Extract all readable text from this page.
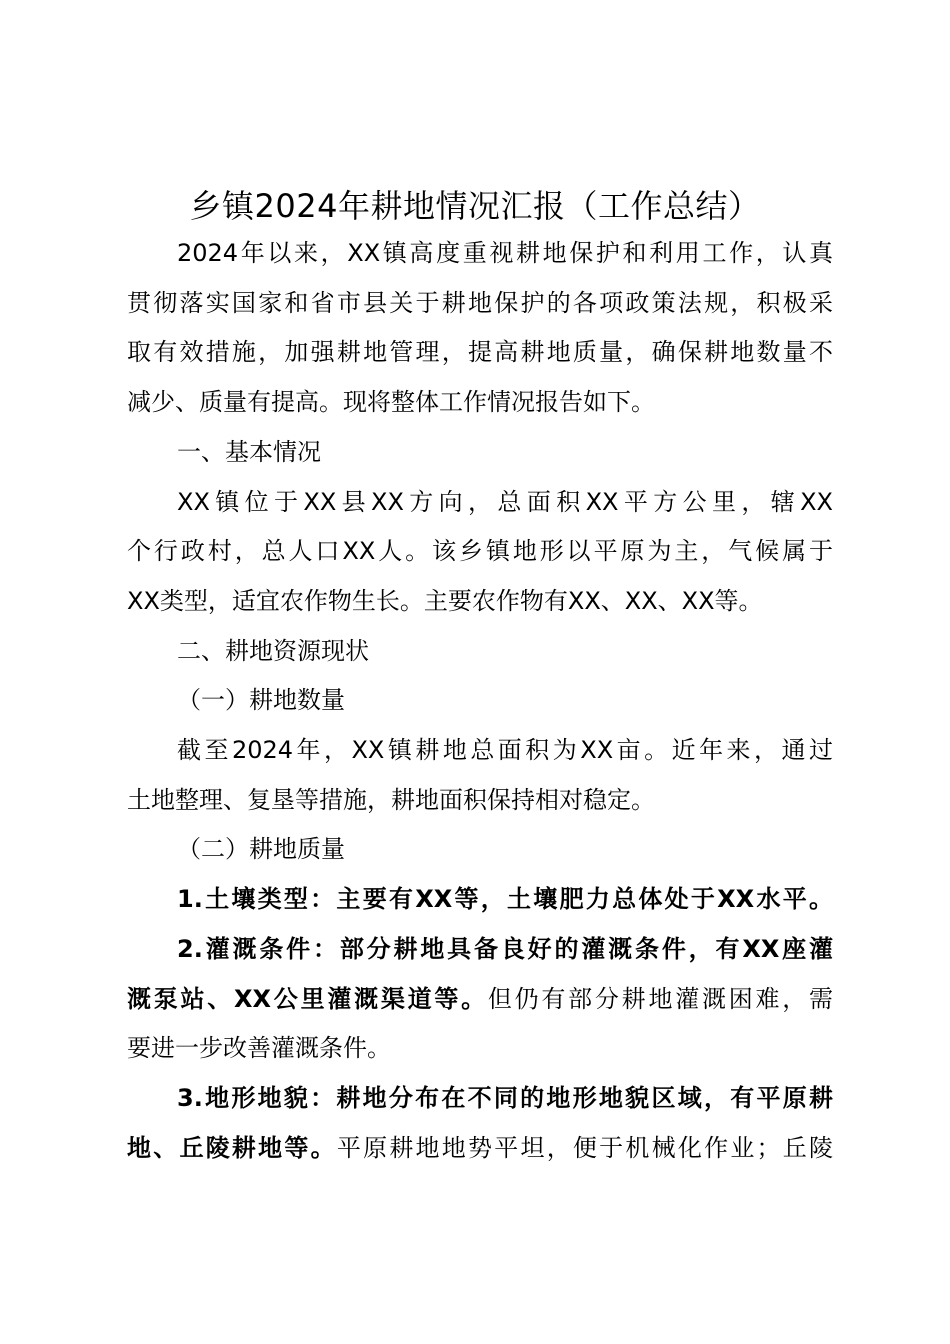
乡镇2024年耕地情况汇报（工作总结）
2024年以来，XX镇高度重视耕地保护和利用工作，认真
贯彻落实国家和省市县关于耕地保护的各项政策法规，积极采
取有效措施，加强耕地管理，提高耕地质量，确保耕地数量不
减少、质量有提高。现将整体工作情况报告如下。
一、基本情况
XX镇位于XX县XX方向，总面积XX平方公里，辖XX
个行政村，总人口XX人。该乡镇地形以平原为主，气候属于
XX类型，适宜农作物生长。主要农作物有XX、XX、XX等。
二、耕地资源现状
（一）耕地数量
截至2024年，XX镇耕地总面积为XX亩。近年来，通过
土地整理、复垦等措施，耕地面积保持相对稳定。
（二）耕地质量
1.土壤类型：主要有XX等，土壤肥力总体处于XX水平。
2.灌溉条件：部分耕地具备良好的灌溉条件，有XX座灌
溉泵站、XX公里灌溉渠道等。但仍有部分耕地灌溉困难，需
要进一步改善灌溉条件。
3.地形地貌：耕地分布在不同的地形地貌区域，有平原耕
地、丘陵耕地等。平原耕地地势平坦，便于机械化作业；丘陵
